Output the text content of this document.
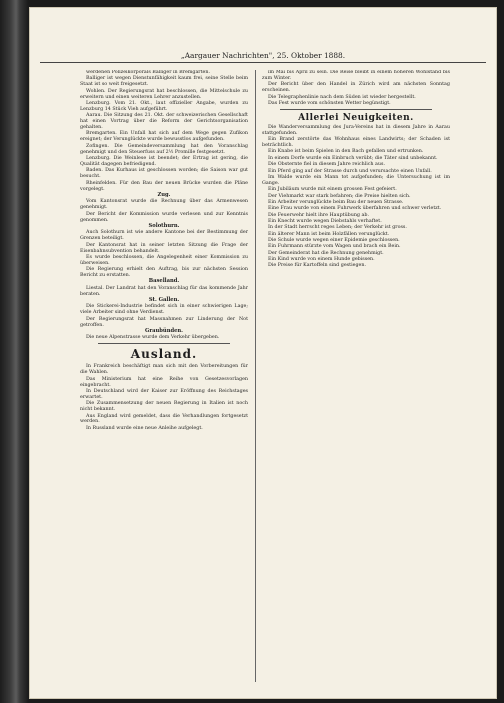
„Aargauer Nachrichten", 25. Oktober 1888.

werdenen Polizeikorporals Balliger in Bremgarten.

Balliger ist wegen Dienstunfähigkeit kaum frei, seine Stelle beim Staat ist so weit freigesetzt.

Wohlen. Der Regierungsrat hat beschlossen, die Mittelschule zu erweitern und einen weiteren Lehrer anzustellen.

Lenzburg. Vom 21. Okt., laut offizieller Angabe, wurden zu Lenzburg 14 Stück Vieh aufgeführt.

Aarau. Die Sitzung des 21. Okt. der schweizerischen Gesellschaft hat einen Vortrag über die Reform der Gerichtsorganisation gehalten.

Bremgarten. Ein Unfall hat sich auf dem Wege gegen Zufikon ereignet; der Verunglückte wurde bewusstlos aufgefunden.

Zofingen. Die Gemeindeversammlung hat den Voranschlag genehmigt und den Steuerfuss auf 2½ Promille festgesetzt.

Lenzburg. Die Weinlese ist beendet; der Ertrag ist gering, die Qualität dagegen befriedigend.

Baden. Das Kurhaus ist geschlossen worden; die Saison war gut besucht.

Rheinfelden. Für den Bau der neuen Brücke wurden die Pläne vorgelegt.

Zug.

Vom Kantonsrat wurde die Rechnung über das Armenwesen genehmigt.

Der Bericht der Kommission wurde verlesen und zur Kenntnis genommen.

Solothurn.

Auch Solothurn ist wie andere Kantone bei der Bestimmung der Grenzen beteiligt.

Der Kantonsrat hat in seiner letzten Sitzung die Frage der Eisenbahnsubvention behandelt.

Es wurde beschlossen, die Angelegenheit einer Kommission zu überweisen.

Die Regierung erhielt den Auftrag, bis zur nächsten Session Bericht zu erstatten.

Baselland.

Liestal. Der Landrat hat den Voranschlag für das kommende Jahr beraten.

St. Gallen.

Die Stickerei-Industrie befindet sich in einer schwierigen Lage; viele Arbeiter sind ohne Verdienst.

Der Regierungsrat hat Massnahmen zur Linderung der Not getroffen.

Graubünden.

Die neue Alpenstrasse wurde dem Verkehr übergeben.

Ausland.

In Frankreich beschäftigt man sich mit den Vorbereitungen für die Wahlen.

Das Ministerium hat eine Reihe von Gesetzesvorlagen eingebracht.

In Deutschland wird der Kaiser zur Eröffnung des Reichstages erwartet.

Die Zusammensetzung der neuen Regierung in Italien ist noch nicht bekannt.

Aus England wird gemeldet, dass die Verhandlungen fortgesetzt werden.

In Russland wurde eine neue Anleihe aufgelegt.

im Mai bis April zu sein. Die Reise bleibt in einem höheren Wohlstand bis zum Winter.

Der Bericht über den Handel in Zürich wird am nächsten Sonntag erscheinen.

Die Telegraphenlinie nach dem Süden ist wieder hergestellt.

Das Fest wurde vom schönsten Wetter begünstigt.

Allerlei Neuigkeiten.

Die Wanderversammlung des Jura-Vereins hat in diesem Jahre in Aarau stattgefunden.

Ein Brand zerstörte das Wohnhaus eines Landwirts; der Schaden ist beträchtlich.

Ein Knabe ist beim Spielen in den Bach gefallen und ertrunken.

In einem Dorfe wurde ein Einbruch verübt; die Täter sind unbekannt.

Die Obsternte fiel in diesem Jahre reichlich aus.

Ein Pferd ging auf der Strasse durch und verursachte einen Unfall.

Im Walde wurde ein Mann tot aufgefunden; die Untersuchung ist im Gange.

Ein Jubiläum wurde mit einem grossen Fest gefeiert.

Der Viehmarkt war stark befahren; die Preise hielten sich.

Ein Arbeiter verunglückte beim Bau der neuen Strasse.

Eine Frau wurde von einem Fuhrwerk überfahren und schwer verletzt.

Die Feuerwehr hielt ihre Hauptübung ab.

Ein Knecht wurde wegen Diebstahls verhaftet.

In der Stadt herrscht reges Leben; der Verkehr ist gross.

Ein älterer Mann ist beim Holzfällen verunglückt.

Die Schule wurde wegen einer Epidemie geschlossen.

Ein Fuhrmann stürzte vom Wagen und brach ein Bein.

Der Gemeinderat hat die Rechnung genehmigt.

Ein Kind wurde von einem Hunde gebissen.

Die Preise für Kartoffeln sind gestiegen.
